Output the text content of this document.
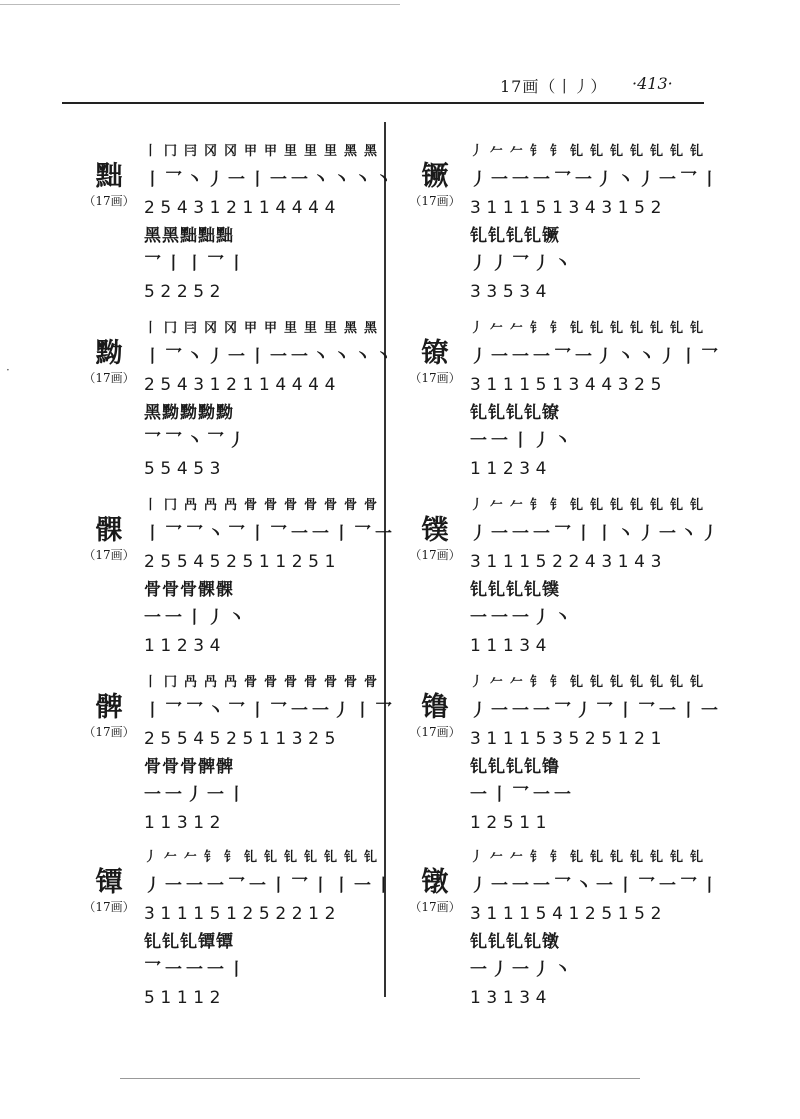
·
17画（丨丿） ·413·
黜
（17画）
丨冂冃冈冈甲甲里里里黑黑
丨乛丶丿一丨一一丶丶丶丶
254312114444
黑黑黜黜黜
乛丨丨乛丨
52252
黝
（17画）
丨冂冃冈冈甲甲里里里黑黑
丨乛丶丿一丨一一丶丶丶丶
254312114444
黑黝黝黝黝
乛乛丶乛丿
55453
髁
（17画）
丨冂冎冎冎骨骨骨骨骨骨骨
丨乛乛丶乛丨乛一一丨乛一
255452511251
骨骨骨髁髁
一一丨丿丶
11234
髀
（17画）
丨冂冎冎冎骨骨骨骨骨骨骨
丨乛乛丶乛丨乛一一丿丨乛
255452511325
骨骨骨髀髀
一一丿一丨
11312
镡
（17画）
丿𠂉𠂉钅钅钆钆钆钆钆钆钆
丿一一一乛一丨乛丨丨一丨
311151252212
钆钆钆镡镡
乛一一一丨
51112
镢
（17画）
丿𠂉𠂉钅钅钆钆钆钆钆钆钆
丿一一一乛一丿丶丿一乛丨
311151343152
钆钆钆钆镢
丿丿乛丿丶
33534
镣
（17画）
丿𠂉𠂉钅钅钆钆钆钆钆钆钆
丿一一一乛一丿丶丶丿丨乛
311151344325
钆钆钆钆镣
一一丨丿丶
11234
镤
（17画）
丿𠂉𠂉钅钅钆钆钆钆钆钆钆
丿一一一乛丨丨丶丿一丶丿
311152243143
钆钆钆钆镤
一一一丿丶
11134
镥
（17画）
丿𠂉𠂉钅钅钆钆钆钆钆钆钆
丿一一一乛丿乛丨乛一丨一
311153525121
钆钆钆钆镥
一丨乛一一
12511
镦
（17画）
丿𠂉𠂉钅钅钆钆钆钆钆钆钆
丿一一一乛丶一丨乛一乛丨
311154125152
钆钆钆钆镦
一丿一丿丶
13134
